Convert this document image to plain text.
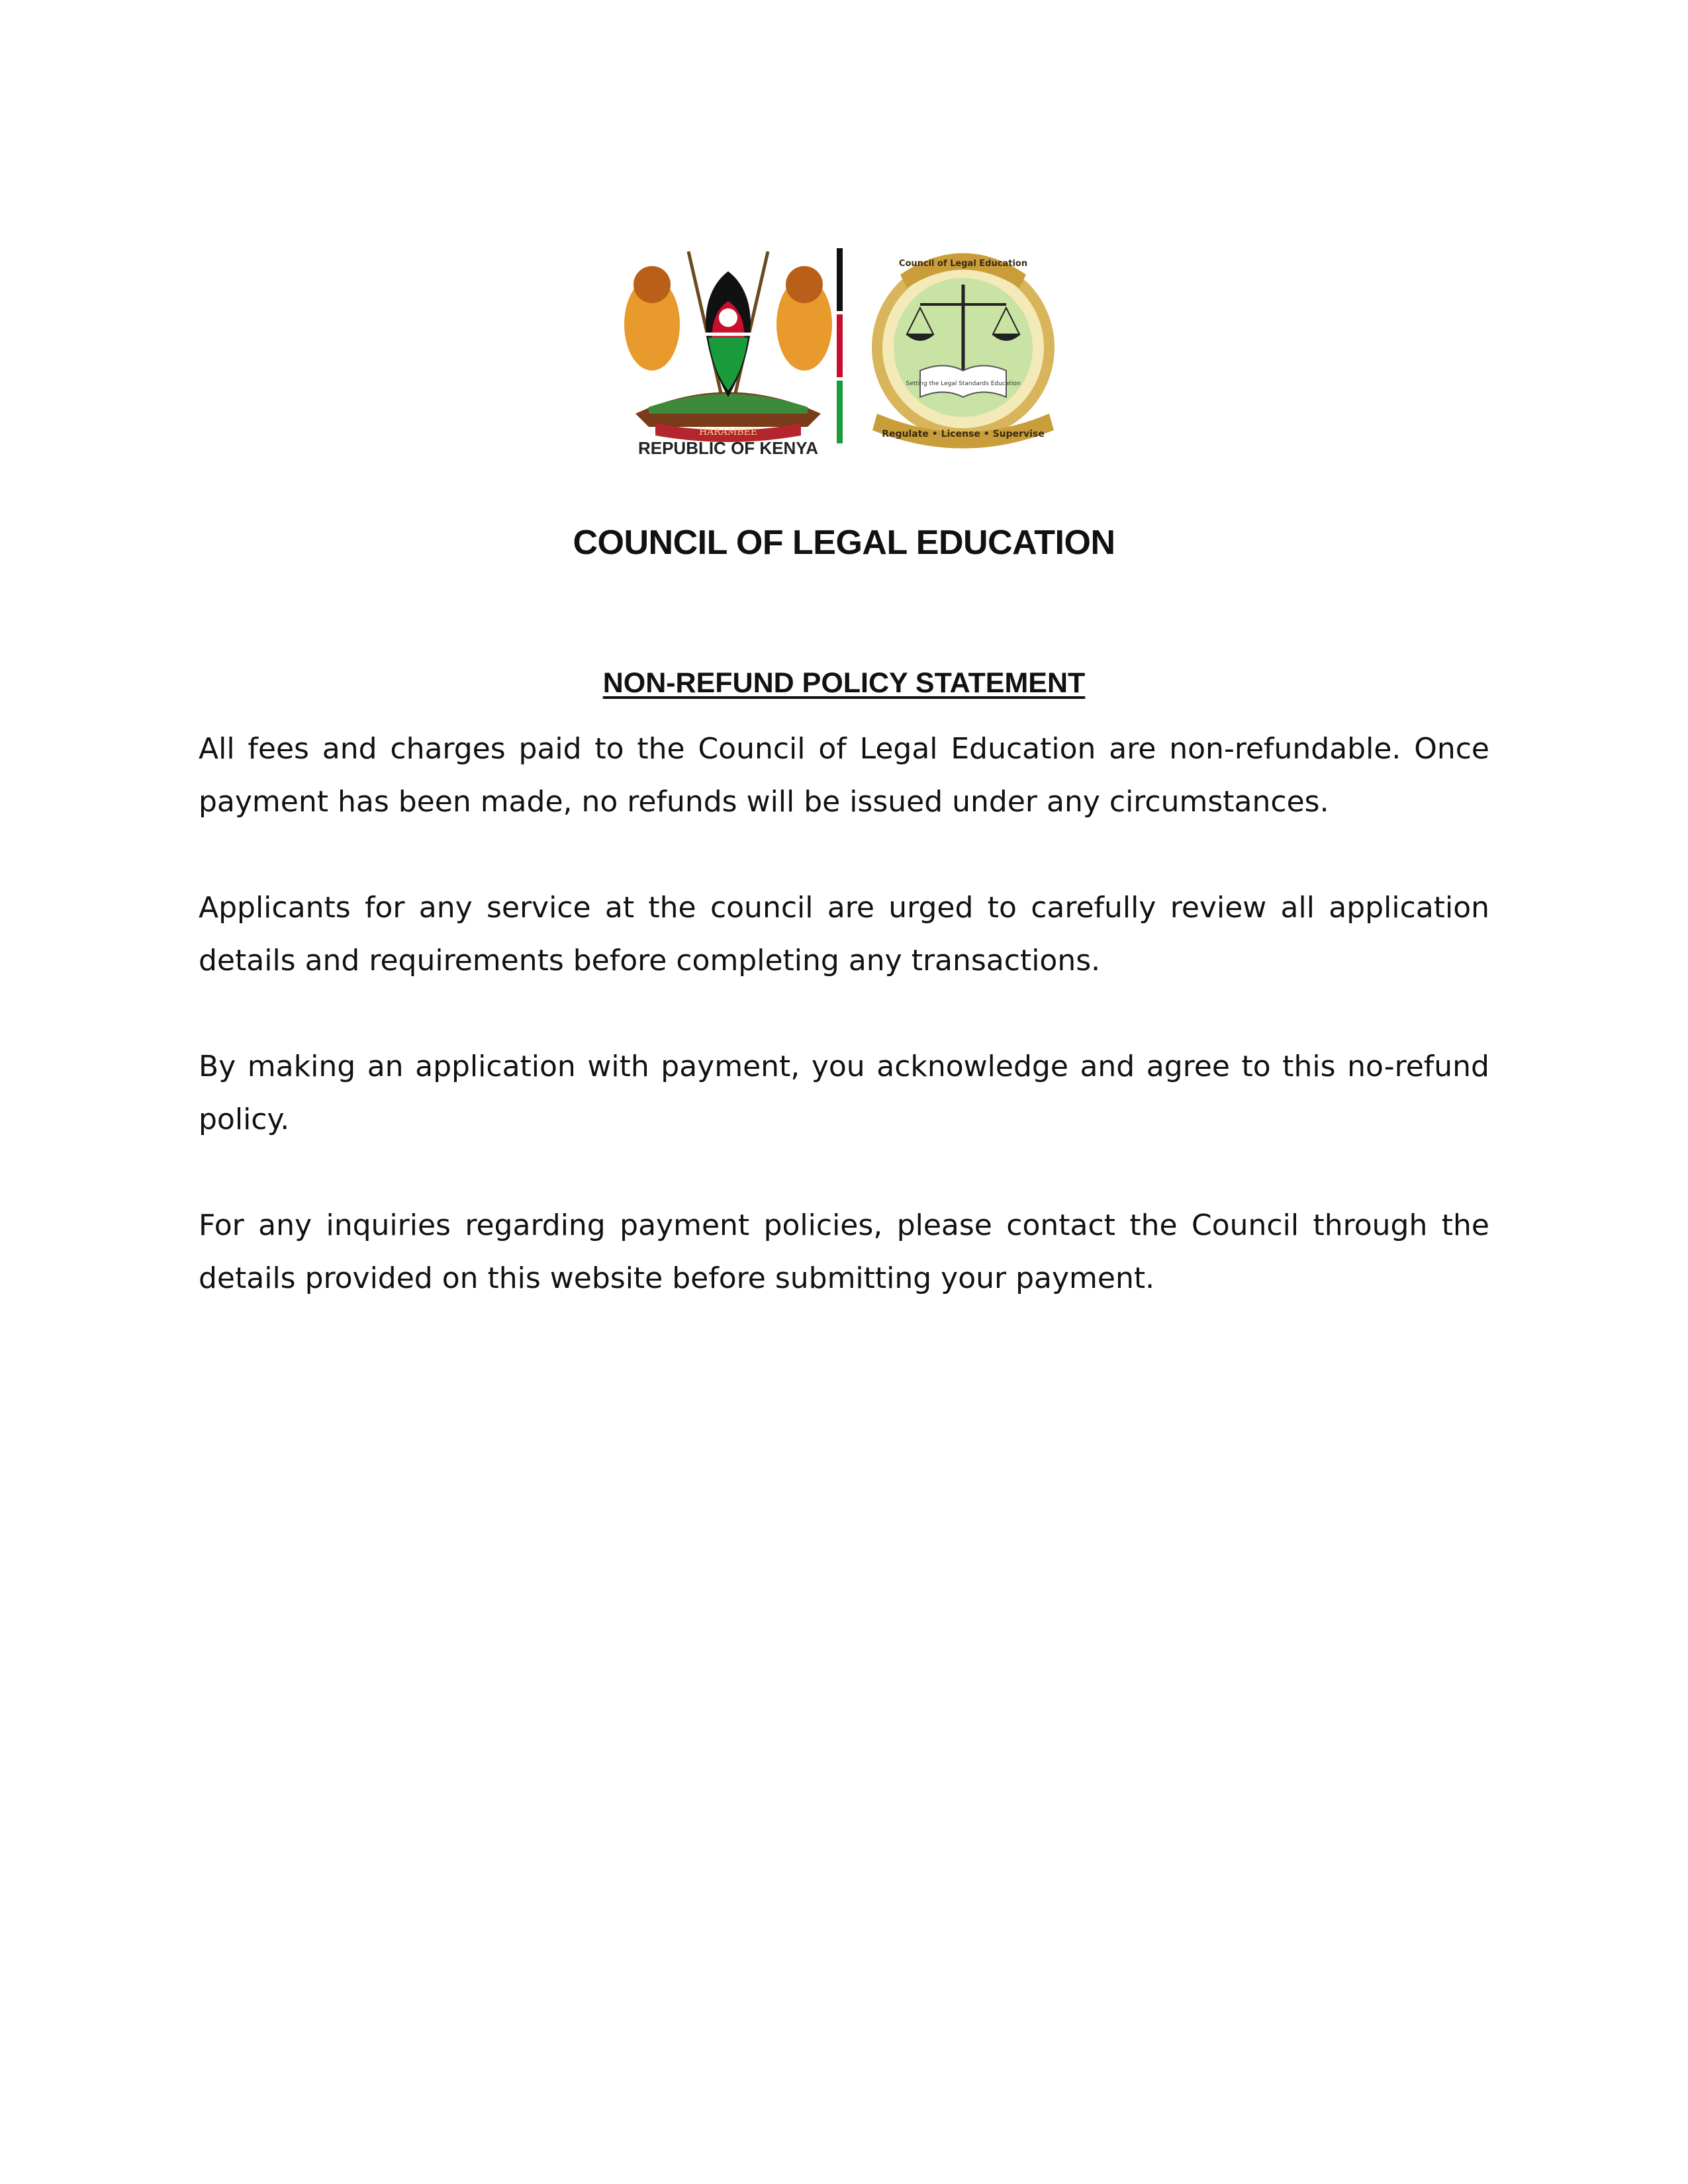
HARAMBEE
REPUBLIC OF KENYA
Setting the Legal Standards Education
Council of Legal Education
Regulate • License • Supervise
COUNCIL OF LEGAL EDUCATION
NON-REFUND POLICY STATEMENT

All fees and charges paid to the Council of Legal Education are non-refundable. Once payment has been made, no refunds will be issued under any circumstances.

Applicants for any service at the council are urged to carefully review all application details and requirements before completing any transactions.

By making an application with payment, you acknowledge and agree to this no-refund policy.

For any inquiries regarding payment policies, please contact the Council through the details provided on this website before submitting your payment.
